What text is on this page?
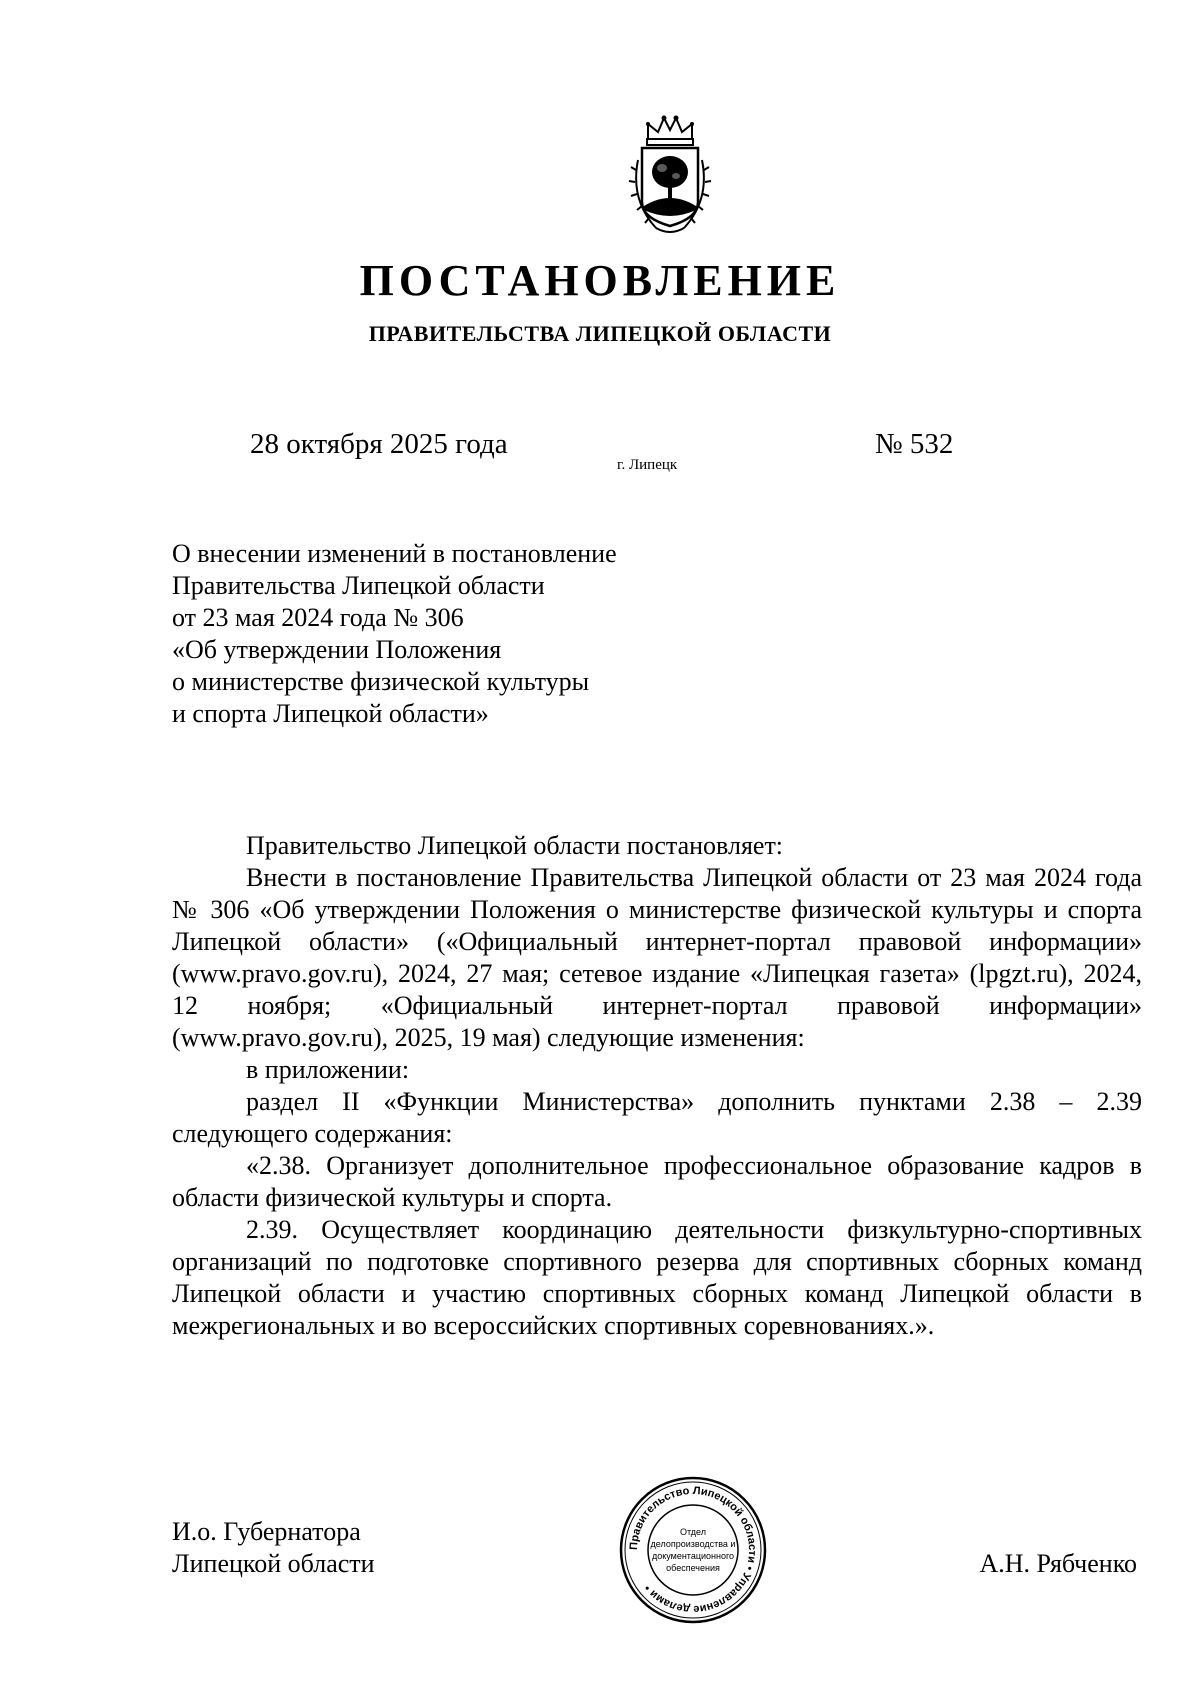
ПОСТАНОВЛЕНИЕ
ПРАВИТЕЛЬСТВА ЛИПЕЦКОЙ ОБЛАСТИ
28 октября 2025 года
г. Липецк
№ 532
О внесении изменений в постановление
Правительства Липецкой области
от 23 мая 2024 года № 306
«Об утверждении Положения
о министерстве физической культуры
и спорта Липецкой области»

Правительство Липецкой области постановляет:

Внести в постановление Правительства Липецкой области от 23 мая 2024 года № 306 «Об утверждении Положения о министерстве физической культуры и спорта Липецкой области» («Официальный интернет-портал правовой информации» (www.pravo.gov.ru), 2024, 27 мая; сетевое издание «Липецкая газета» (lpgzt.ru), 2024, 12 ноября; «Официальный интернет-портал правовой информации» (www.pravo.gov.ru), 2025, 19 мая) следующие изменения:

в приложении:

раздел II «Функции Министерства» дополнить пунктами 2.38 – 2.39 следующего содержания:

«2.38. Организует дополнительное профессиональное образование кадров в области физической культуры и спорта.

2.39. Осуществляет координацию деятельности физкультурно-спортивных организаций по подготовке спортивного резерва для спортивных сборных команд Липецкой области и участию спортивных сборных команд Липецкой области в межрегиональных и во всероссийских спортивных соревнованиях.».

Правительство Липецкой области • Управление делами •
Отдел
делопроизводства и
документационного
обеспечения
И.о. Губернатора
Липецкой области	А.Н. Рябченко
